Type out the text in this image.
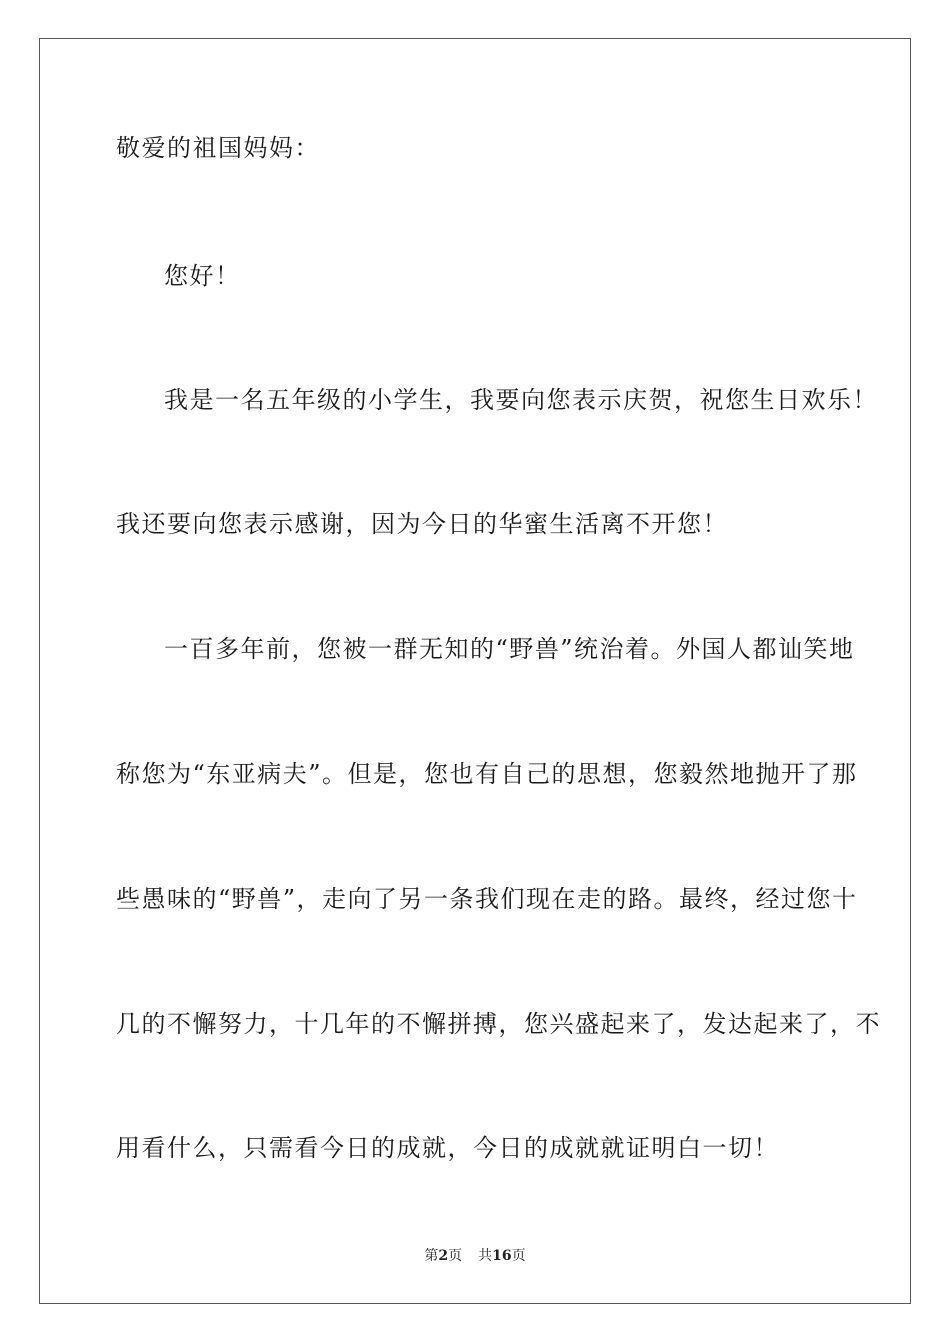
敬爱的祖国妈妈：
您好！
我是一名五年级的小学生，我要向您表示庆贺，祝您生日欢乐！
我还要向您表示感谢，因为今日的华蜜生活离不开您！
一百多年前，您被一群无知的“野兽”统治着。外国人都讪笑地
称您为“东亚病夫”。但是，您也有自己的思想，您毅然地抛开了那
些愚味的“野兽”，走向了另一条我们现在走的路。最终，经过您十
几的不懈努力，十几年的不懈拼搏，您兴盛起来了，发达起来了，不
用看什么，只需看今日的成就，今日的成就就证明白一切！
第2页 共16页
